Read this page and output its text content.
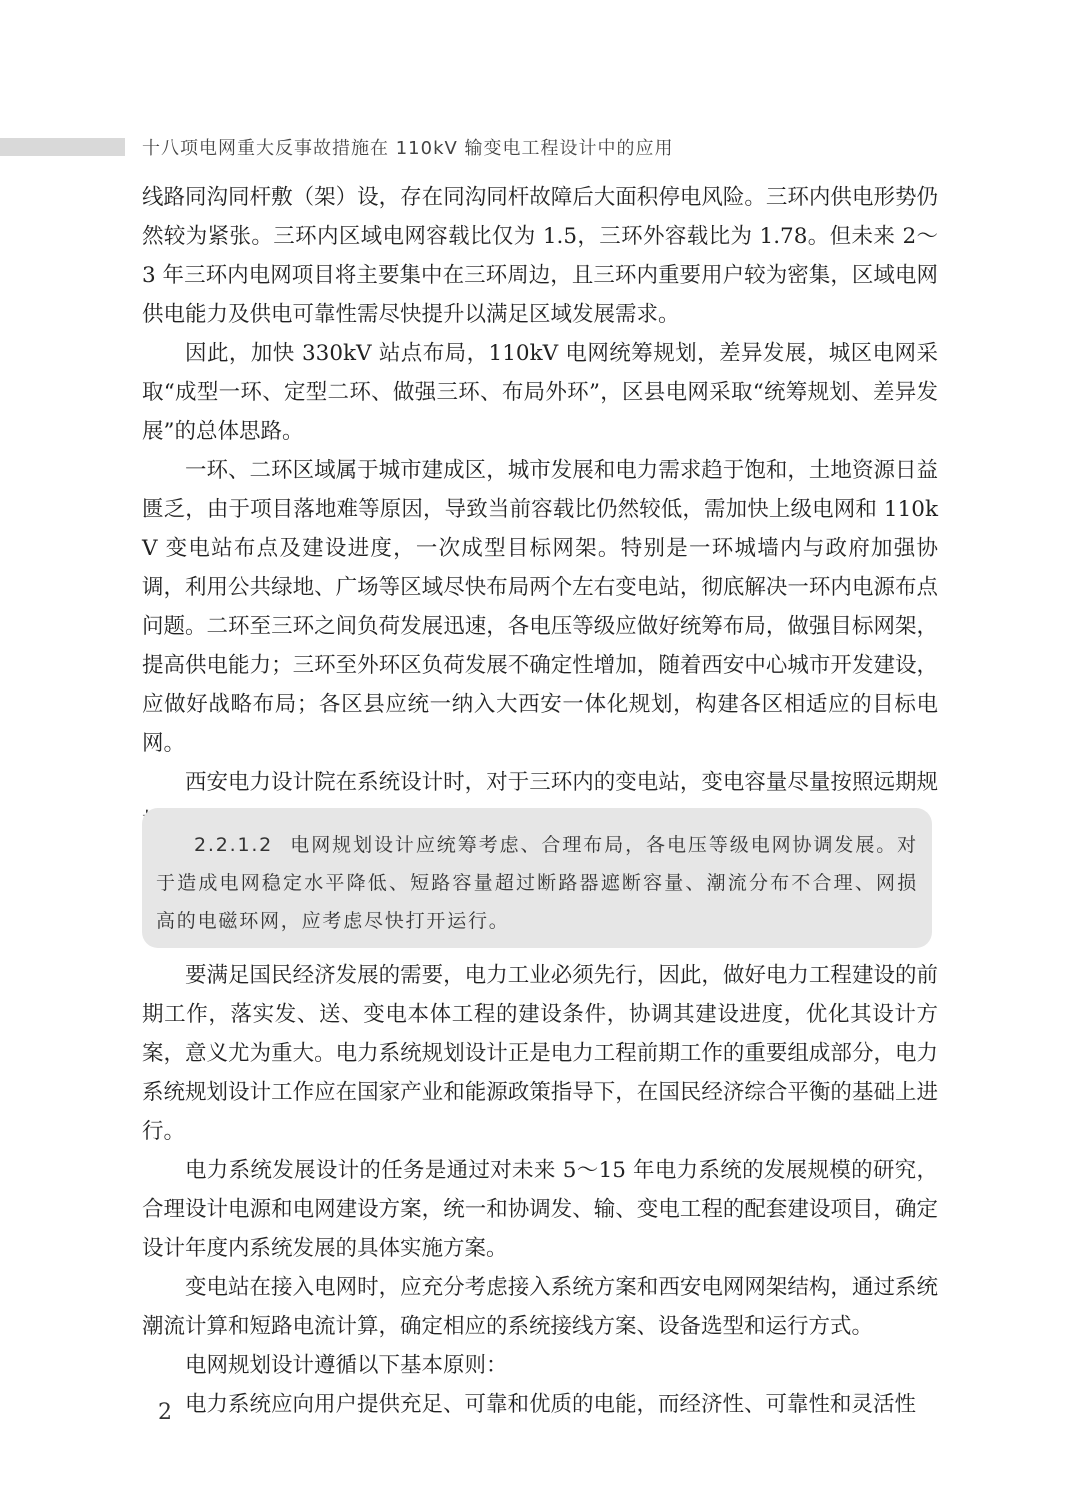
十八项电网重大反事故措施在 110kV 输变电工程设计中的应用

线路同沟同杆敷（架）设，存在同沟同杆故障后大面积停电风险。三环内供电形势仍然较为紧张。三环内区域电网容载比仅为 1.5，三环外容载比为 1.78。但未来 2～3 年三环内电网项目将主要集中在三环周边，且三环内重要用户较为密集，区域电网供电能力及供电可靠性需尽快提升以满足区域发展需求。

因此，加快 330kV 站点布局，110kV 电网统筹规划，差异发展，城区电网采取“成型一环、定型二环、做强三环、布局外环”，区县电网采取“统筹规划、差异发展”的总体思路。

一环、二环区域属于城市建成区，城市发展和电力需求趋于饱和，土地资源日益匮乏，由于项目落地难等原因，导致当前容载比仍然较低，需加快上级电网和 110kV 变电站布点及建设进度，一次成型目标网架。特别是一环城墙内与政府加强协调，利用公共绿地、广场等区域尽快布局两个左右变电站，彻底解决一环内电源布点问题。二环至三环之间负荷发展迅速，各电压等级应做好统筹布局，做强目标网架，提高供电能力；三环至外环区负荷发展不确定性增加，随着西安中心城市开发建设，应做好战略布局；各区县应统一纳入大西安一体化规划，构建各区相适应的目标电网。

西安电力设计院在系统设计时，对于三环内的变电站，变电容量尽量按照远期规

2.2.1.2 电网规划设计应统筹考虑、合理布局，各电压等级电网协调发展。对于造成电网稳定水平降低、短路容量超过断路器遮断容量、潮流分布不合理、网损高的电磁环网，应考虑尽快打开运行。

要满足国民经济发展的需要，电力工业必须先行，因此，做好电力工程建设的前期工作，落实发、送、变电本体工程的建设条件，协调其建设进度，优化其设计方案，意义尤为重大。电力系统规划设计正是电力工程前期工作的重要组成部分，电力系统规划设计工作应在国家产业和能源政策指导下，在国民经济综合平衡的基础上进行。

电力系统发展设计的任务是通过对未来 5～15 年电力系统的发展规模的研究，合理设计电源和电网建设方案，统一和协调发、输、变电工程的配套建设项目，确定设计年度内系统发展的具体实施方案。

变电站在接入电网时，应充分考虑接入系统方案和西安电网网架结构，通过系统潮流计算和短路电流计算，确定相应的系统接线方案、设备选型和运行方式。

电网规划设计遵循以下基本原则：

电力系统应向用户提供充足、可靠和优质的电能，而经济性、可靠性和灵活性

2
